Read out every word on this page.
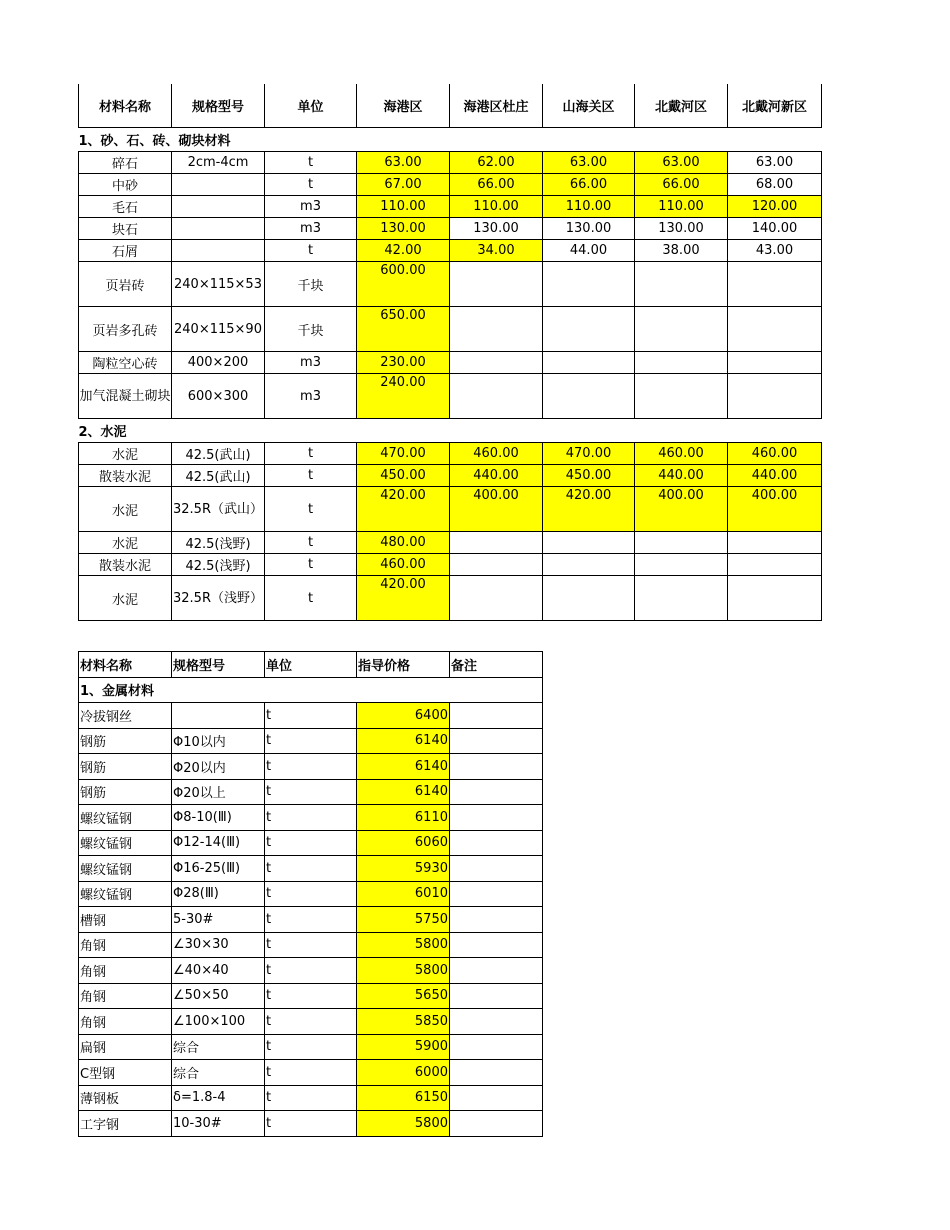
材料名称	规格型号	单位	海港区	海港区杜庄	山海关区	北戴河区	北戴河新区
1、砂、石、砖、砌块材料							
碎石	2cm-4cm	t	63.00	62.00	63.00	63.00	63.00
中砂		t	67.00	66.00	66.00	66.00	68.00
毛石		m3	110.00	110.00	110.00	110.00	120.00
块石		m3	130.00	130.00	130.00	130.00	140.00
石屑		t	42.00	34.00	44.00	38.00	43.00
页岩砖	240×115×53	千块	600.00				
页岩多孔砖	240×115×90	千块	650.00				
陶粒空心砖	400×200	m3	230.00				
加气混凝土砌块	600×300	m3	240.00				
2、水泥							
水泥	42.5(武山)	t	470.00	460.00	470.00	460.00	460.00
散装水泥	42.5(武山)	t	450.00	440.00	450.00	440.00	440.00
水泥	32.5R（武山）	t	420.00	400.00	420.00	400.00	400.00
水泥	42.5(浅野)	t	480.00				
散装水泥	42.5(浅野)	t	460.00				
水泥	32.5R（浅野）	t	420.00				
材料名称	规格型号	单位	指导价格	备注
1、金属材料				
冷拔钢丝		t	6400	
钢筋	Φ10以内	t	6140	
钢筋	Φ20以内	t	6140	
钢筋	Φ20以上	t	6140	
螺纹锰钢	Φ8-10(Ⅲ)	t	6110	
螺纹锰钢	Φ12-14(Ⅲ)	t	6060	
螺纹锰钢	Φ16-25(Ⅲ)	t	5930	
螺纹锰钢	Φ28(Ⅲ)	t	6010	
槽钢	5-30#	t	5750	
角钢	∠30×30	t	5800	
角钢	∠40×40	t	5800	
角钢	∠50×50	t	5650	
角钢	∠100×100	t	5850	
扁钢	综合	t	5900	
C型钢	综合	t	6000	
薄钢板	δ=1.8-4	t	6150	
工字钢	10-30#	t	5800	
